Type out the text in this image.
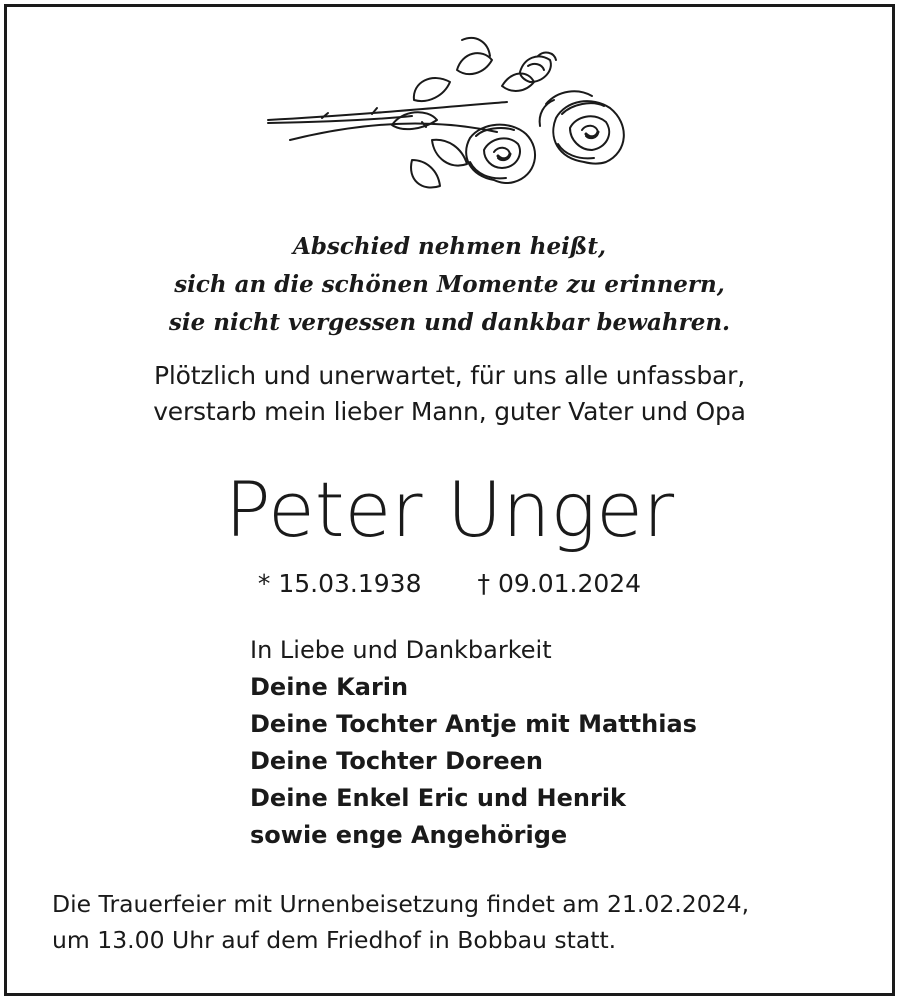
Abschied nehmen heißt,
sich an die schönen Momente zu erinnern,
sie nicht vergessen und dankbar bewahren.
Plötzlich und unerwartet, für uns alle unfassbar,
verstarb mein lieber Mann, guter Vater und Opa
Peter Unger
* 15.03.1938 † 09.01.2024
In Liebe und Dankbarkeit
Deine Karin
Deine Tochter Antje mit Matthias
Deine Tochter Doreen
Deine Enkel Eric und Henrik
sowie enge Angehörige
Die Trauerfeier mit Urnenbeisetzung findet am 21.02.2024,
um 13.00 Uhr auf dem Friedhof in Bobbau statt.
